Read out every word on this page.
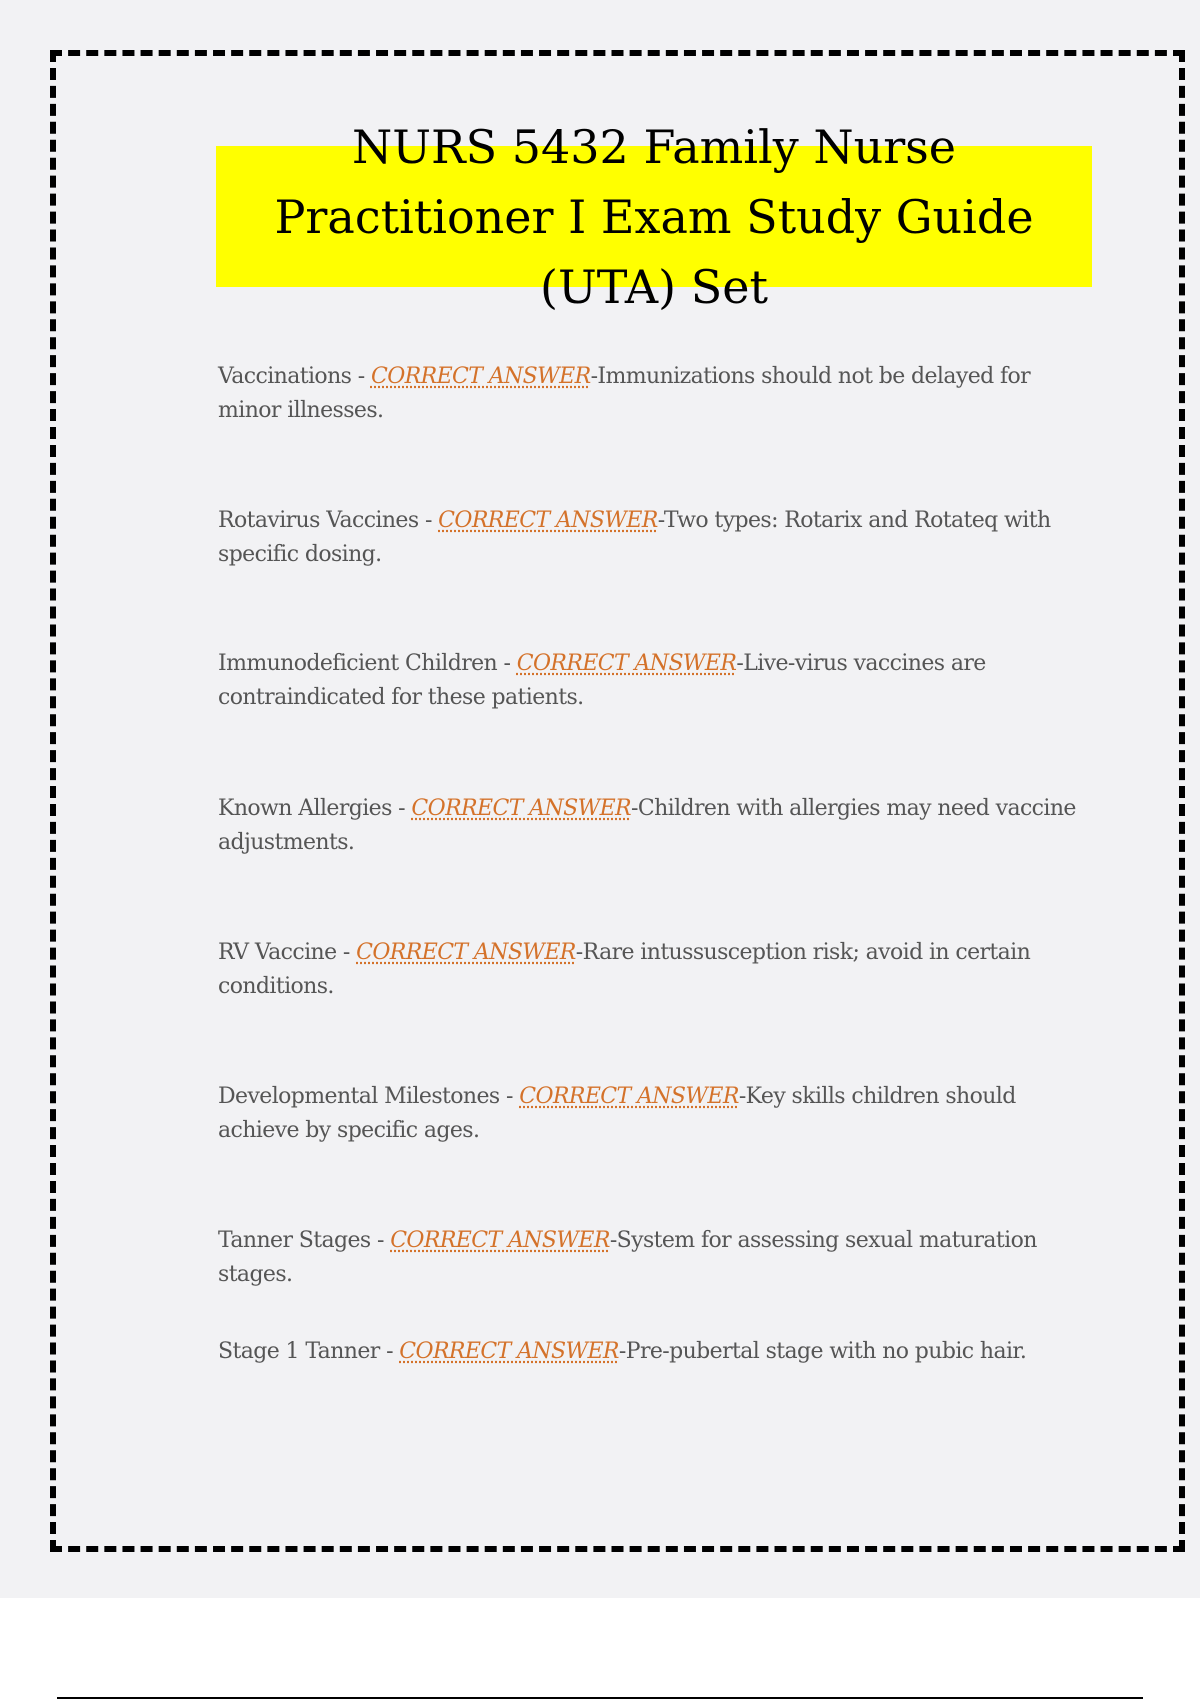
NURS 5432 Family Nurse Practitioner I Exam Study Guide (UTA) Set
Vaccinations - CORRECT ANSWER-Immunizations should not be delayed for minor illnesses.
Rotavirus Vaccines - CORRECT ANSWER-Two types: Rotarix and Rotateq with specific dosing.
Immunodeficient Children - CORRECT ANSWER-Live-virus vaccines are contraindicated for these patients.
Known Allergies - CORRECT ANSWER-Children with allergies may need vaccine adjustments.
RV Vaccine - CORRECT ANSWER-Rare intussusception risk; avoid in certain conditions.
Developmental Milestones - CORRECT ANSWER-Key skills children should achieve by specific ages.
Tanner Stages - CORRECT ANSWER-System for assessing sexual maturation stages.
Stage 1 Tanner - CORRECT ANSWER-Pre-pubertal stage with no pubic hair.
